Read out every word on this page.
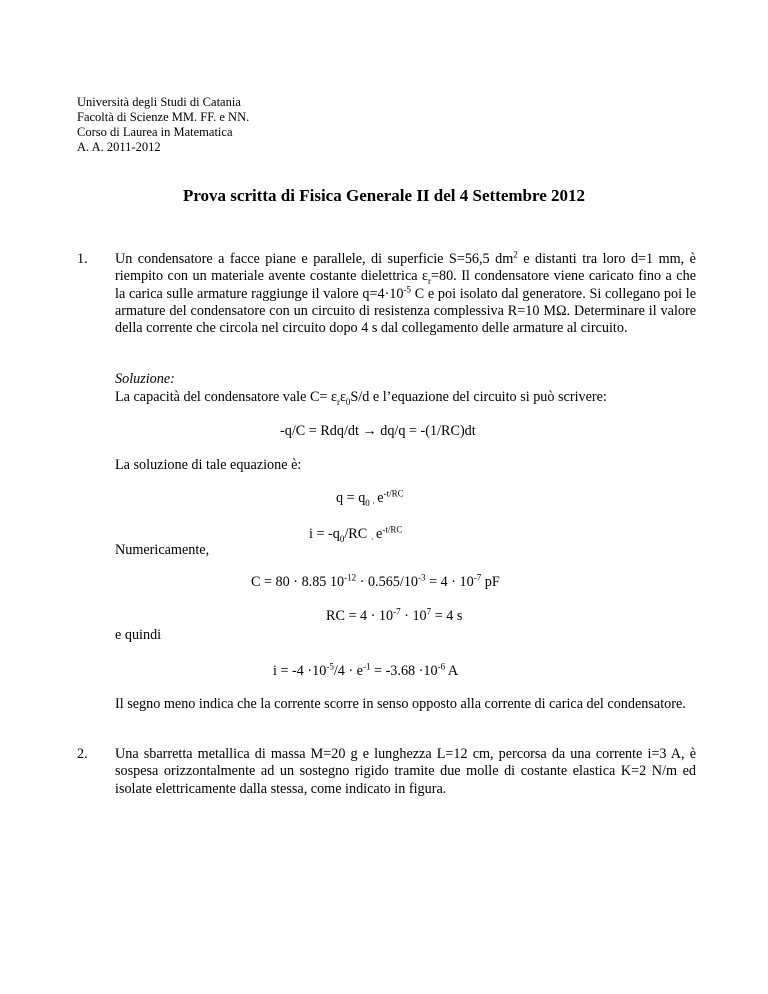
Università degli Studi di Catania
Facoltà di Scienze MM. FF. e NN.
Corso di Laurea in Matematica
A. A. 2011-2012
Prova scritta di Fisica Generale II del 4 Settembre 2012
1. Un condensatore a facce piane e parallele, di superficie S=56,5 $dm^2$ e distanti tra loro d=1 mm, è riempito con un materiale avente costante dielettrica $\varepsilon_r=80$. Il condensatore viene caricato fino a che la carica sulle armature raggiunge il valore $q=4\cdot 10^{-5}$ C e poi isolato dal generatore. Si collegano poi le armature del condensatore con un circuito di resistenza complessiva R=10 MΩ. Determinare il valore della corrente che circola nel circuito dopo 4 s dal collegamento delle armature al circuito.
Soluzione:
La capacità del condensatore vale $C= \varepsilon_r\varepsilon_0S/d$ e l’equazione del circuito si può scrivere:
-q/C = Rdq/dt → dq/q = -(1/RC)dt
La soluzione di tale equazione è:
$q = q_{0 \cdot}$ $e^{-t/RC}$
$i = -q_0/RC$ $_\cdot$ $e^{-t/RC}$
Numericamente,
C = 80 · 8.85 $10^{-12} \cdot 0.565/10^{-3} = 4 \cdot 10^{-7}$ pF
RC = $4 \cdot 10^{-7} \cdot 10^7 = 4$ s
e quindi
$i = -4 \cdot 10^{-5}/4 \cdot e^{-1} = -3.68 \cdot 10^{-6}$ A
Il segno meno indica che la corrente scorre in senso opposto alla corrente di carica del condensatore.
2. Una sbarretta metallica di massa M=20 g e lunghezza L=12 cm, percorsa da una corrente i=3 A, è sospesa orizzontalmente ad un sostegno rigido tramite due molle di costante elastica K=2 N/m ed isolate elettricamente dalla stessa, come indicato in figura.
